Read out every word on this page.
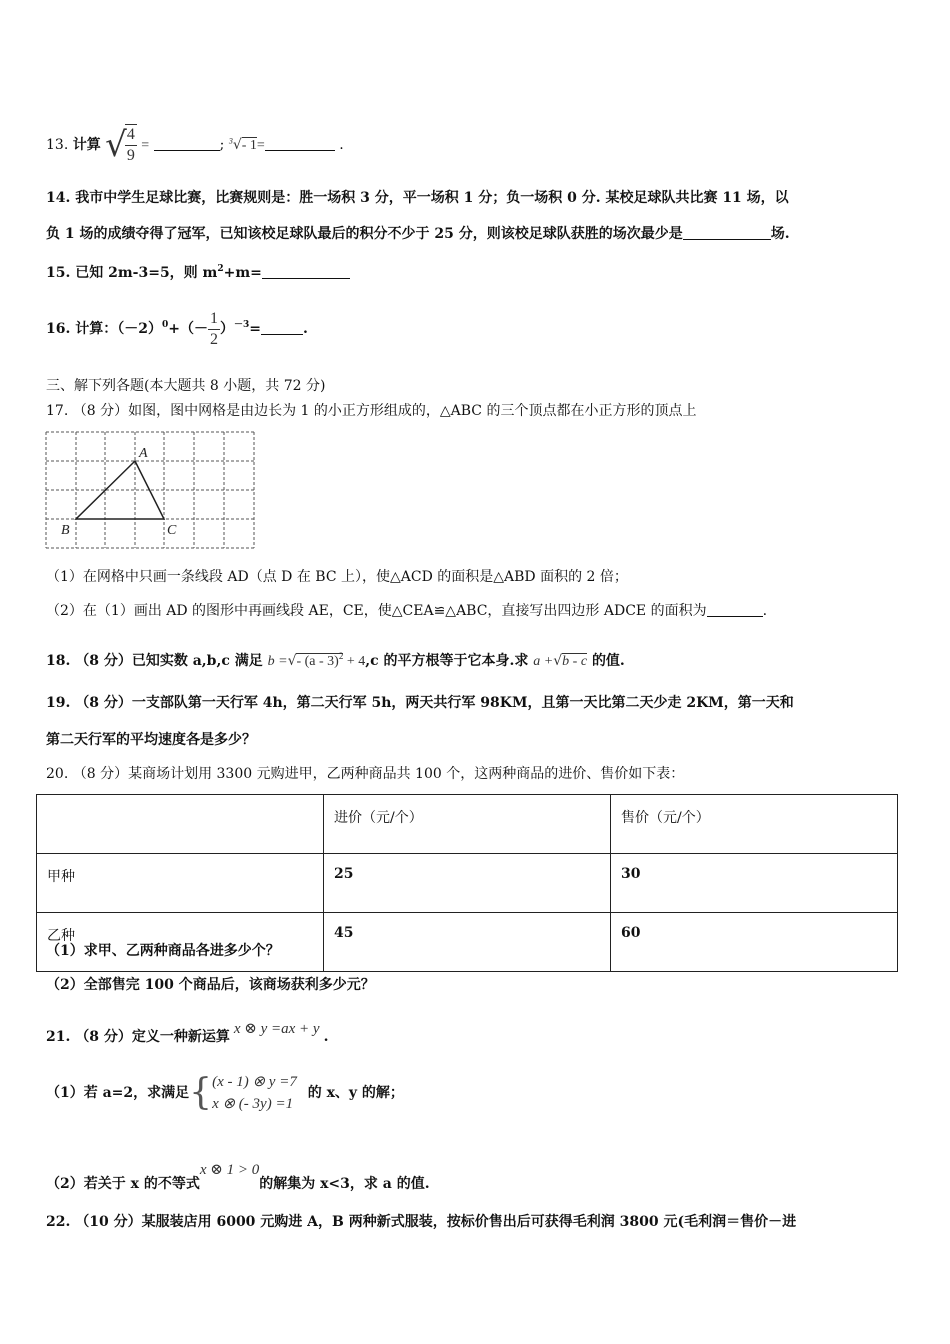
13. 计算 √
$\frac{4}{9}$ =	; $^3$√- 1=	.
14. 我市中学生足球比赛，比赛规则是：胜一场积 3 分，平一场积 1 分；负一场积 0 分. 某校足球队共比赛 11 场，以
负 1 场的成绩夺得了冠军，已知该校足球队最后的积分不少于 25 分，则该校足球队获胜的场次最少是	场.
15. 已知 2m-3=5，则 $m^2+m=$
16. 计算：$(-2)^0+(- \frac{1}{2} )^{-3}=$	.
三、解下列各题(本大题共 8 小题，共 72 分)
17. （8 分）如图，图中网格是由边长为 1 的小正方形组成的，△ABC 的三个顶点都在小正方形的顶点上
A
B	C
（1）在网格中只画一条线段 AD（点 D 在 BC 上），使△ACD 的面积是△ABD 面积的 2 倍；
（2）在（1）画出 AD 的图形中再画线段 AE，CE，使△CEA≌△ABC，直接写出四边形 ADCE 的面积为	.
18. （8 分）已知实数 a,b,c 满足 b =√- (a - 3)$^2$ + 4,c 的平方根等于它本身.求 a +√b - c 的值.
19. （8 分）一支部队第一天行军 4h，第二天行军 5h，两天共行军 98KM，且第一天比第二天少走 2KM，第一天和
第二天行军的平均速度各是多少？
20. （8 分）某商场计划用 3300 元购进甲，乙两种商品共 100 个，这两种商品的进价、售价如下表：
	进价（元/个）	售价（元/个）
甲种	25	30
乙种	45	60
（1）求甲、乙两种商品各进多少个？
（2）全部售完 100 个商品后，该商场获利多少元？
21. （8 分）定义一种新运算 x ⊗ y =ax + y .
（1）若 a=2，求满足{ (x - 1) ⊗ y =7
x ⊗ (- 3y) =1
的 x、y 的解；
（2）若关于 x 的不等式x ⊗ 1 > 0的解集为 x<3，求 a 的值.
22. （10 分）某服装店用 6000 元购进 A，B 两种新式服装，按标价售出后可获得毛利润 3800 元(毛利润＝售价－进
